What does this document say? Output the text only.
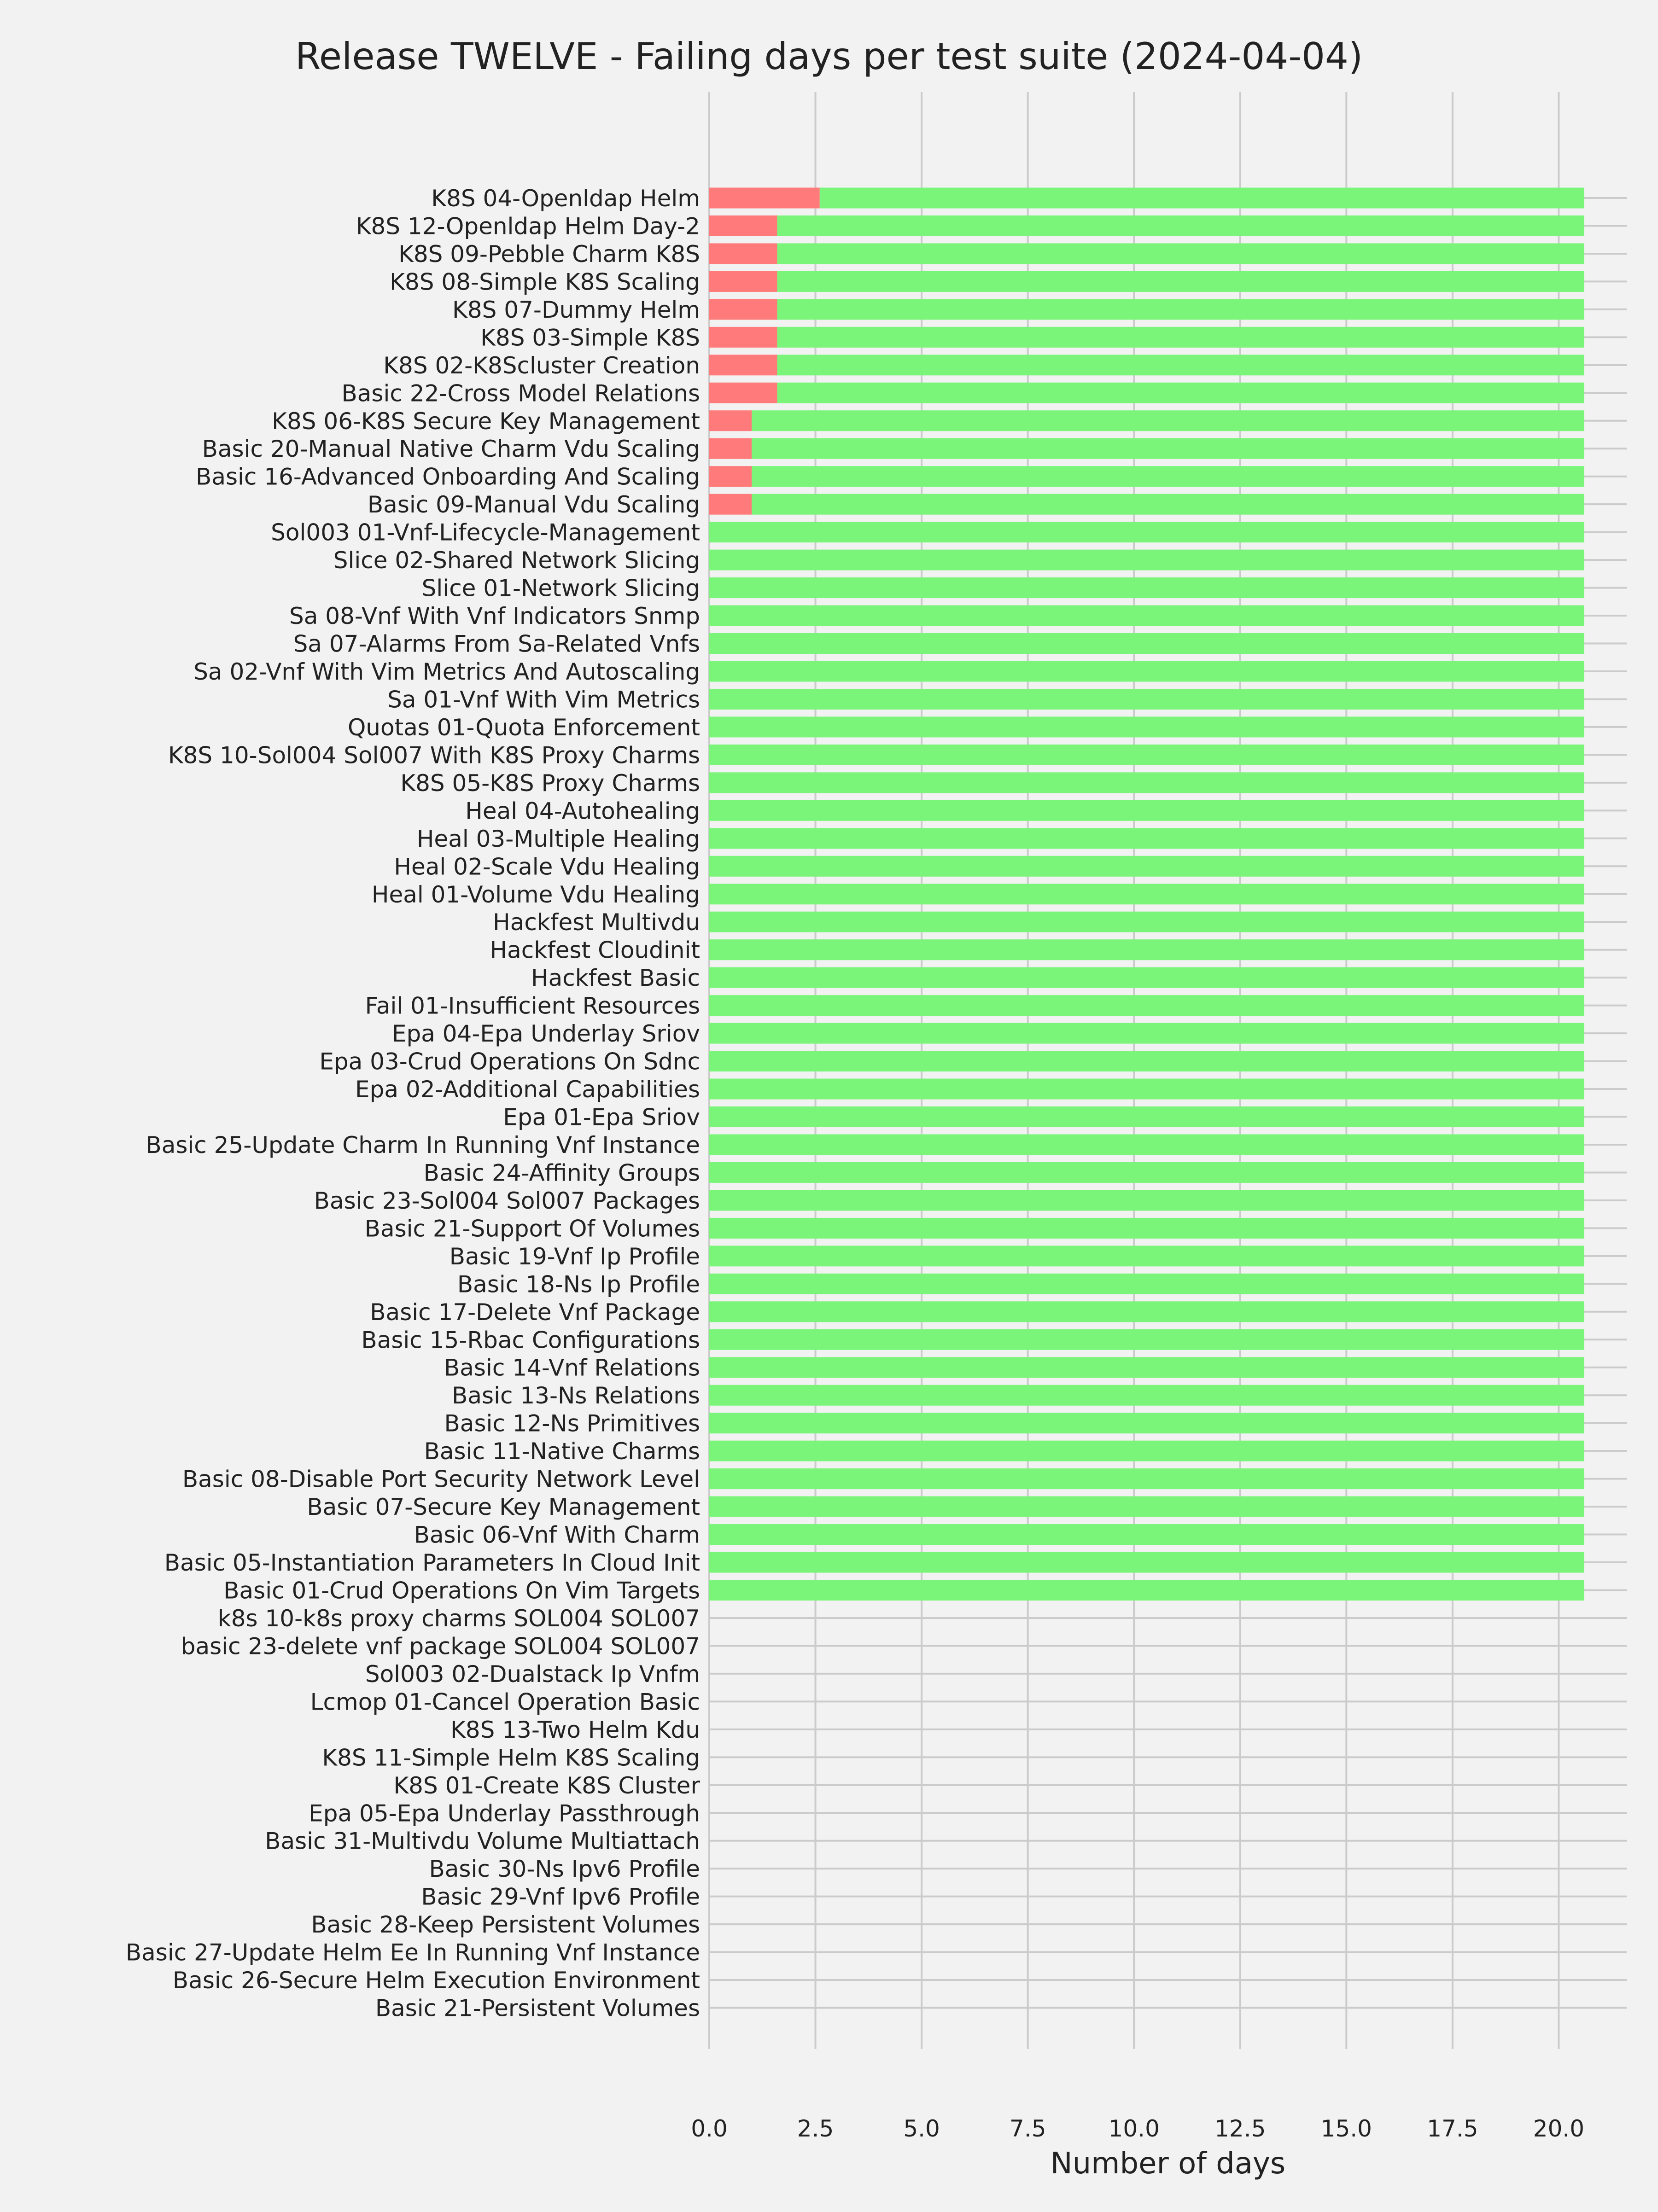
K8S 04-Openldap Helm
K8S 12-Openldap Helm Day-2
K8S 09-Pebble Charm K8S
K8S 08-Simple K8S Scaling
K8S 07-Dummy Helm
K8S 03-Simple K8S
K8S 02-K8Scluster Creation
Basic 22-Cross Model Relations
K8S 06-K8S Secure Key Management
Basic 20-Manual Native Charm Vdu Scaling
Basic 16-Advanced Onboarding And Scaling
Basic 09-Manual Vdu Scaling
Sol003 01-Vnf-Lifecycle-Management
Slice 02-Shared Network Slicing
Slice 01-Network Slicing
Sa 08-Vnf With Vnf Indicators Snmp
Sa 07-Alarms From Sa-Related Vnfs
Sa 02-Vnf With Vim Metrics And Autoscaling
Sa 01-Vnf With Vim Metrics
Quotas 01-Quota Enforcement
K8S 10-Sol004 Sol007 With K8S Proxy Charms
K8S 05-K8S Proxy Charms
Heal 04-Autohealing
Heal 03-Multiple Healing
Heal 02-Scale Vdu Healing
Heal 01-Volume Vdu Healing
Hackfest Multivdu
Hackfest Cloudinit
Hackfest Basic
Fail 01-Insufficient Resources
Epa 04-Epa Underlay Sriov
Epa 03-Crud Operations On Sdnc
Epa 02-Additional Capabilities
Epa 01-Epa Sriov
Basic 25-Update Charm In Running Vnf Instance
Basic 24-Affinity Groups
Basic 23-Sol004 Sol007 Packages
Basic 21-Support Of Volumes
Basic 19-Vnf Ip Profile
Basic 18-Ns Ip Profile
Basic 17-Delete Vnf Package
Basic 15-Rbac Configurations
Basic 14-Vnf Relations
Basic 13-Ns Relations
Basic 12-Ns Primitives
Basic 11-Native Charms
Basic 08-Disable Port Security Network Level
Basic 07-Secure Key Management
Basic 06-Vnf With Charm
Basic 05-Instantiation Parameters In Cloud Init
Basic 01-Crud Operations On Vim Targets
k8s 10-k8s proxy charms SOL004 SOL007
basic 23-delete vnf package SOL004 SOL007
Sol003 02-Dualstack Ip Vnfm
Lcmop 01-Cancel Operation Basic
K8S 13-Two Helm Kdu
K8S 11-Simple Helm K8S Scaling
K8S 01-Create K8S Cluster
Epa 05-Epa Underlay Passthrough
Basic 31-Multivdu Volume Multiattach
Basic 30-Ns Ipv6 Profile
Basic 29-Vnf Ipv6 Profile
Basic 28-Keep Persistent Volumes
Basic 27-Update Helm Ee In Running Vnf Instance
Basic 26-Secure Helm Execution Environment
Basic 21-Persistent Volumes
0.0	2.5	5.0	7.5	10.0 12.5 15.0 17.5 20.0
Release TWELVE - Failing days per test suite (2024-04-04)
Number of days
